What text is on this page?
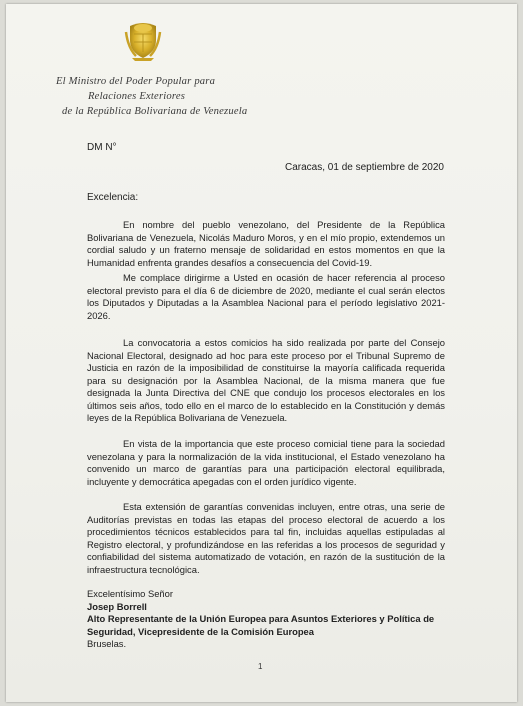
El Ministro del Poder Popular para
Relaciones Exteriores
de la República Bolivariana de Venezuela
DM N°
Caracas, 01 de septiembre de 2020
Excelencia:

En nombre del pueblo venezolano, del Presidente de la República Bolivariana de Venezuela, Nicolás Maduro Moros, y en el mío propio, extendemos un cordial saludo y un fraterno mensaje de solidaridad en estos momentos en que la Humanidad enfrenta grandes desafíos a consecuencia del Covid-19.

Me complace dirigirme a Usted en ocasión de hacer referencia al proceso electoral previsto para el día 6 de diciembre de 2020, mediante el cual serán electos los Diputados y Diputadas a la Asamblea Nacional para el período legislativo 2021-2026.

La convocatoria a estos comicios ha sido realizada por parte del Consejo Nacional Electoral, designado ad hoc para este proceso por el Tribunal Supremo de Justicia en razón de la imposibilidad de constituirse la mayoría calificada requerida para su designación por la Asamblea Nacional, de la misma manera que fue designada la Junta Directiva del CNE que condujo los procesos electorales en los últimos seis años, todo ello en el marco de lo establecido en la Constitución y demás leyes de la República Bolivariana de Venezuela.

En vista de la importancia que este proceso comicial tiene para la sociedad venezolana y para la normalización de la vida institucional, el Estado venezolano ha convenido un marco de garantías para una participación electoral equilibrada, incluyente y democrática apegadas con el orden jurídico vigente.

Esta extensión de garantías convenidas incluyen, entre otras, una serie de Auditorías previstas en todas las etapas del proceso electoral de acuerdo a los procedimientos técnicos establecidos para tal fin, incluidas aquellas estipuladas al Registro electoral, y profundizándose en las referidas a los procesos de seguridad y confiabilidad del sistema automatizado de votación, en razón de la sustitución de la infraestructura tecnológica.

Excelentísimo Señor
Josep Borrell
Alto Representante de la Unión Europea para Asuntos Exteriores y Política de Seguridad, Vicepresidente de la Comisión Europea
Bruselas.
1
